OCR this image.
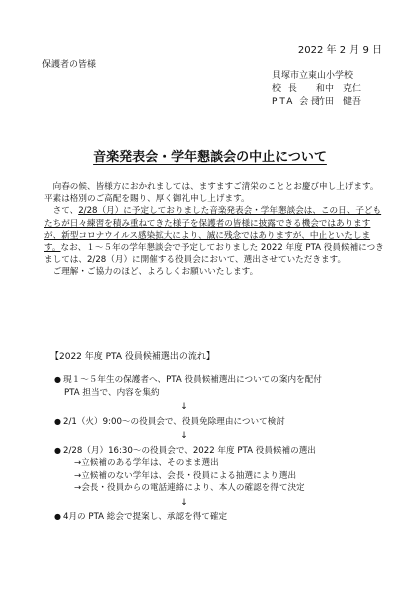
2022 年 2 月 9 日
保護者の皆様
貝塚市立東山小学校
校 長	和中　克仁
PTA 会長
竹田　健吾
音楽発表会・学年懇談会の中止について

向春の候、皆様方におかれましては、ますますご清栄のこととお慶び申し上げます。平素は格別のご高配を賜り、厚く御礼申し上げます。

さて、2/28（月）に予定しておりました音楽発表会・学年懇談会は、この日、子どもたちが日々練習を積み重ねてきた様子を保護者の皆様に披露できる機会ではありますが、新型コロナウイルス感染拡大により、誠に残念ではありますが、中止といたします。なお、１～５年の学年懇談会で予定しておりました 2022 年度 PTA 役員候補につきましては、2/28（月）に開催する役員会において、選出させていただきます。

ご理解・ご協力のほど、よろしくお願いいたします。

【2022 年度 PTA 役員候補選出の流れ】
● 現１～５年生の保護者へ、PTA 役員候補選出についての案内を配付
PTA 担当で、内容を集約
↓
● 2/1（火）9:00～の役員会で、役員免除理由について検討
↓
● 2/28（月）16:30～の役員会で、2022 年度 PTA 役員候補の選出
→立候補のある学年は、そのまま選出
→立候補のない学年は、会長・役員による抽選により選出
→会長・役員からの電話連絡により、本人の確認を得て決定
↓
● 4月の PTA 総会で提案し、承認を得て確定
